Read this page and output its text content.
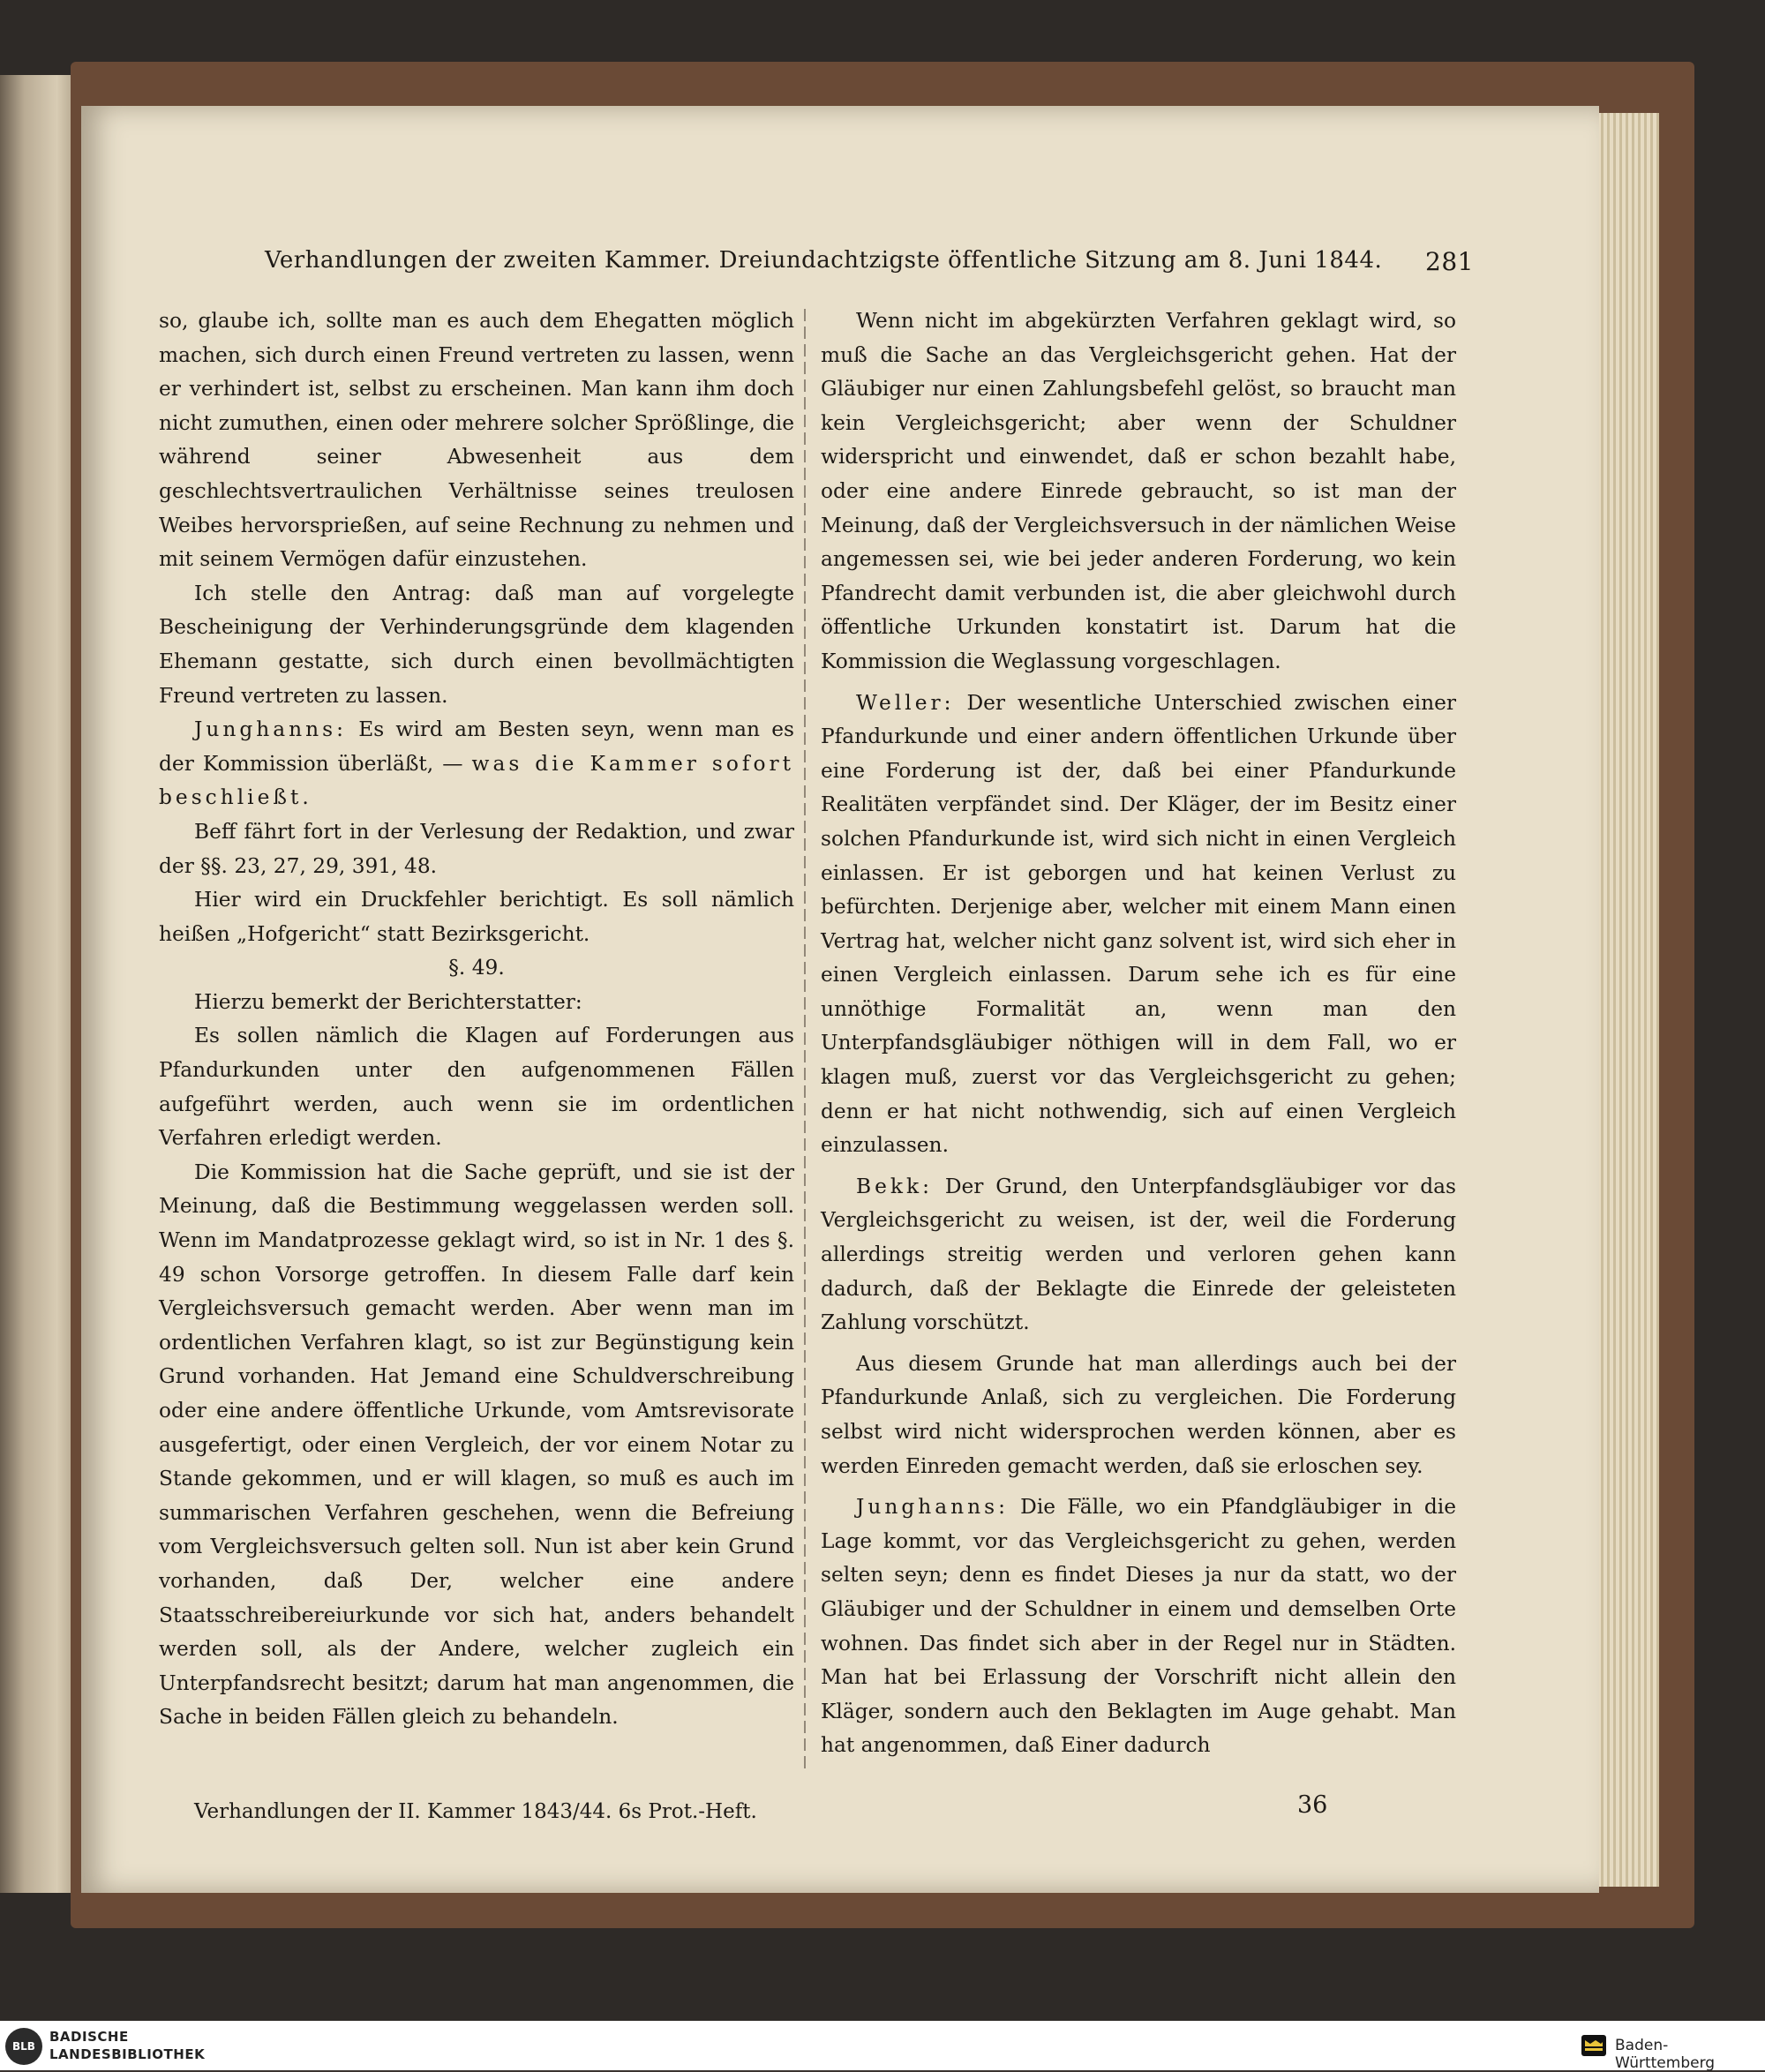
Verhandlungen der zweiten Kammer. Dreiundachtzigste öffentliche Sitzung am 8. Juni 1844. 281

so, glaube ich, sollte man es auch dem Ehegatten möglich machen, sich durch einen Freund vertreten zu lassen, wenn er verhindert ist, selbst zu erscheinen. Man kann ihm doch nicht zumuthen, einen oder mehrere solcher Sprößlinge, die während seiner Abwesenheit aus dem geschlechtsvertraulichen Verhältnisse seines treulosen Weibes hervorsprießen, auf seine Rechnung zu nehmen und mit seinem Vermögen dafür einzustehen.

Ich stelle den Antrag: daß man auf vorgelegte Bescheinigung der Verhinderungsgründe dem klagenden Ehemann gestatte, sich durch einen bevollmächtigten Freund vertreten zu lassen.

Junghanns: Es wird am Besten seyn, wenn man es der Kommission überläßt, — was die Kammer sofort beschließt.

Beff fährt fort in der Verlesung der Redaktion, und zwar der §§. 23, 27, 29, 391, 48.

Hier wird ein Druckfehler berichtigt. Es soll nämlich heißen „Hofgericht“ statt Bezirksgericht.

§. 49.

Hierzu bemerkt der Berichterstatter:

Es sollen nämlich die Klagen auf Forderungen aus Pfandurkunden unter den aufgenommenen Fällen aufgeführt werden, auch wenn sie im ordentlichen Verfahren erledigt werden.

Die Kommission hat die Sache geprüft, und sie ist der Meinung, daß die Bestimmung weggelassen werden soll. Wenn im Mandatprozesse geklagt wird, so ist in Nr. 1 des §. 49 schon Vorsorge getroffen. In diesem Falle darf kein Vergleichsversuch gemacht werden. Aber wenn man im ordentlichen Verfahren klagt, so ist zur Begünstigung kein Grund vorhanden. Hat Jemand eine Schuldverschreibung oder eine andere öffentliche Urkunde, vom Amtsrevisorate ausgefertigt, oder einen Vergleich, der vor einem Notar zu Stande gekommen, und er will klagen, so muß es auch im summarischen Verfahren geschehen, wenn die Befreiung vom Vergleichsversuch gelten soll. Nun ist aber kein Grund vorhanden, daß Der, welcher eine andere Staatsschreibereiurkunde vor sich hat, anders behandelt werden soll, als der Andere, welcher zugleich ein Unterpfandsrecht besitzt; darum hat man angenommen, die Sache in beiden Fällen gleich zu behandeln.

Wenn nicht im abgekürzten Verfahren geklagt wird, so muß die Sache an das Vergleichsgericht gehen. Hat der Gläubiger nur einen Zahlungsbefehl gelöst, so braucht man kein Vergleichsgericht; aber wenn der Schuldner widerspricht und einwendet, daß er schon bezahlt habe, oder eine andere Einrede gebraucht, so ist man der Meinung, daß der Vergleichsversuch in der nämlichen Weise angemessen sei, wie bei jeder anderen Forderung, wo kein Pfandrecht damit verbunden ist, die aber gleichwohl durch öffentliche Urkunden konstatirt ist. Darum hat die Kommission die Weglassung vorgeschlagen.

Weller: Der wesentliche Unterschied zwischen einer Pfandurkunde und einer andern öffentlichen Urkunde über eine Forderung ist der, daß bei einer Pfandurkunde Realitäten verpfändet sind. Der Kläger, der im Besitz einer solchen Pfandurkunde ist, wird sich nicht in einen Vergleich einlassen. Er ist geborgen und hat keinen Verlust zu befürchten. Derjenige aber, welcher mit einem Mann einen Vertrag hat, welcher nicht ganz solvent ist, wird sich eher in einen Vergleich einlassen. Darum sehe ich es für eine unnöthige Formalität an, wenn man den Unterpfandsgläubiger nöthigen will in dem Fall, wo er klagen muß, zuerst vor das Vergleichsgericht zu gehen; denn er hat nicht nothwendig, sich auf einen Vergleich einzulassen.

Bekk: Der Grund, den Unterpfandsgläubiger vor das Vergleichsgericht zu weisen, ist der, weil die Forderung allerdings streitig werden und verloren gehen kann dadurch, daß der Beklagte die Einrede der geleisteten Zahlung vorschützt.

Aus diesem Grunde hat man allerdings auch bei der Pfandurkunde Anlaß, sich zu vergleichen. Die Forderung selbst wird nicht widersprochen werden können, aber es werden Einreden gemacht werden, daß sie erloschen sey.

Junghanns: Die Fälle, wo ein Pfandgläubiger in die Lage kommt, vor das Vergleichsgericht zu gehen, werden selten seyn; denn es findet Dieses ja nur da statt, wo der Gläubiger und der Schuldner in einem und demselben Orte wohnen. Das findet sich aber in der Regel nur in Städten. Man hat bei Erlassung der Vorschrift nicht allein den Kläger, sondern auch den Beklagten im Auge gehabt. Man hat angenommen, daß Einer dadurch

Verhandlungen der II. Kammer 1843/44. 6s Prot.-Heft.	36
BLB
BADISCHE
LANDESBIBLIOTHEK	Baden-Württemberg
